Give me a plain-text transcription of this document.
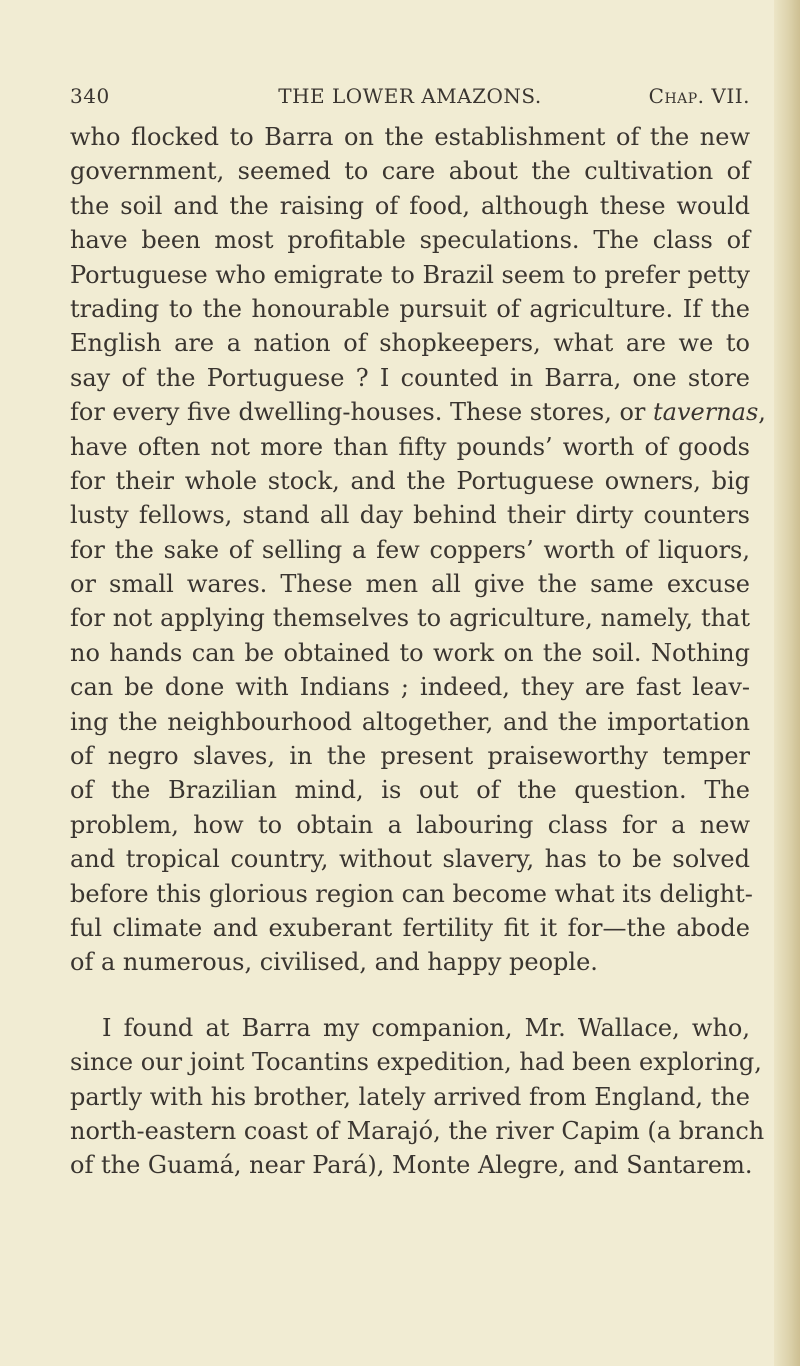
340	THE LOWER AMAZONS.	Chap. VII.
who flocked to Barra on the establishment of the new
government, seemed to care about the cultivation of
the soil and the raising of food, although these would
have been most profitable speculations. The class of
Portuguese who emigrate to Brazil seem to prefer petty
trading to the honourable pursuit of agriculture. If the
English are a nation of shopkeepers, what are we to
say of the Portuguese ? I counted in Barra, one store
for every five dwelling-houses. These stores, or tavernas,
have often not more than fifty pounds’ worth of goods
for their whole stock, and the Portuguese owners, big
lusty fellows, stand all day behind their dirty counters
for the sake of selling a few coppers’ worth of liquors,
or small wares. These men all give the same excuse
for not applying themselves to agriculture, namely, that
no hands can be obtained to work on the soil. Nothing
can be done with Indians ; indeed, they are fast leav-
ing the neighbourhood altogether, and the importation
of negro slaves, in the present praiseworthy temper
of the Brazilian mind, is out of the question. The
problem, how to obtain a labouring class for a new
and tropical country, without slavery, has to be solved
before this glorious region can become what its delight-
ful climate and exuberant fertility fit it for—the abode
of a numerous, civilised, and happy people.
I found at Barra my companion, Mr. Wallace, who,
since our joint Tocantins expedition, had been exploring,
partly with his brother, lately arrived from England, the
north-eastern coast of Marajó, the river Capim (a branch
of the Guamá, near Pará), Monte Alegre, and Santarem.
